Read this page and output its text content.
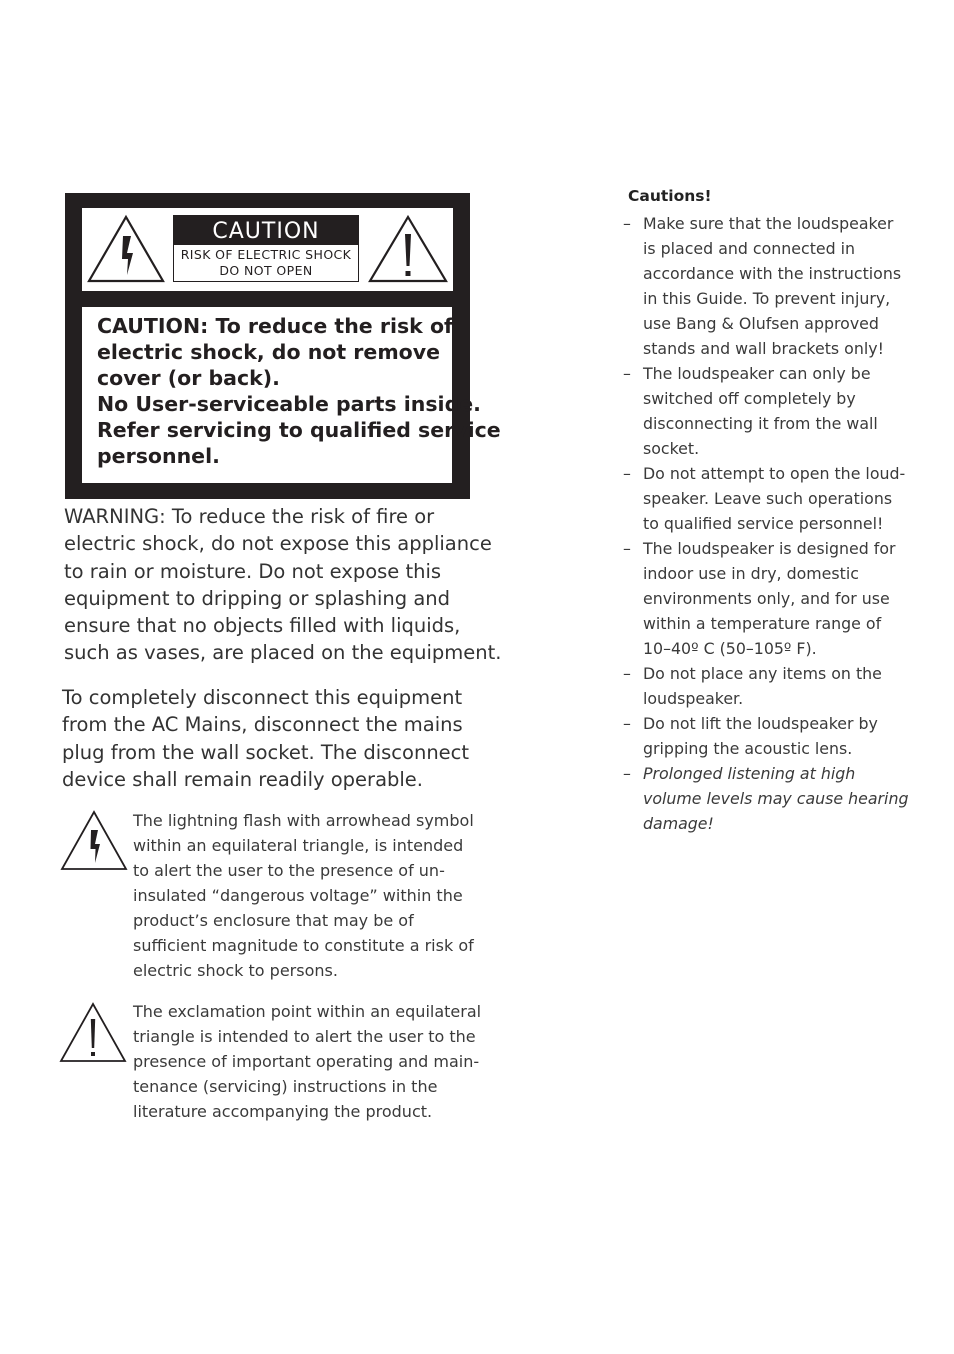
CAUTION
RISK OF ELECTRIC SHOCK
DO NOT OPEN
CAUTION: To reduce the risk of
electric shock, do not remove
cover (or back).
No User-serviceable parts inside.
Refer servicing to qualified service
personnel.
WARNING: To reduce the risk of fire or
electric shock, do not expose this appliance
to rain or moisture. Do not expose this
equipment to dripping or splashing and
ensure that no objects filled with liquids,
such as vases, are placed on the equipment.
To completely disconnect this equipment
from the AC Mains, disconnect the mains
plug from the wall socket. The disconnect
device shall remain readily operable.
The lightning flash with arrowhead symbol
within an equilateral triangle, is intended
to alert the user to the presence of un-
insulated “dangerous voltage” within the
product’s enclosure that may be of
sufficient magnitude to constitute a risk of
electric shock to persons.
The exclamation point within an equilateral
triangle is intended to alert the user to the
presence of important operating and main-
tenance (servicing) instructions in the
literature accompanying the product.
Cautions!
– Make sure that the loudspeaker
is placed and connected in
accordance with the instructions
in this Guide. To prevent injury,
use Bang & Olufsen approved
stands and wall brackets only!
– The loudspeaker can only be
switched off completely by
disconnecting it from the wall
socket.
– Do not attempt to open the loud-
speaker. Leave such operations
to qualified service personnel!
– The loudspeaker is designed for
indoor use in dry, domestic
environments only, and for use
within a temperature range of
10–40º C (50–105º F).
– Do not place any items on the
loudspeaker.
– Do not lift the loudspeaker by
gripping the acoustic lens.
– Prolonged listening at high
volume levels may cause hearing
damage!
